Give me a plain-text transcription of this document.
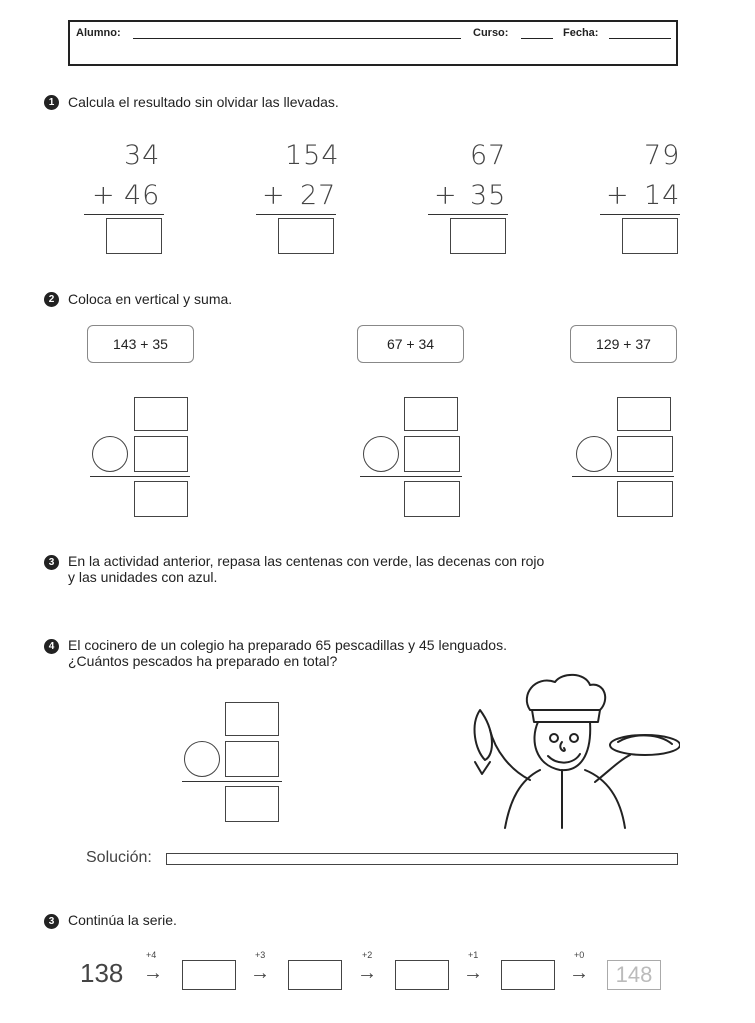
Alumno:	Curso:	Fecha:
1 Calcula el resultado sin olvidar las llevadas.
34
+ 46
154
+ 27
67
+ 35
79
+ 14
2 Coloca en vertical y suma.
143 + 35	67 + 34	129 + 37
3 En la actividad anterior, repasa las centenas con verde, las decenas con rojo
y las unidades con azul.
4 El cocinero de un colegio ha preparado 65 pescadillas y 45 lenguados.
¿Cuántos pescados ha preparado en total?
Solución:
3 Continúa la serie.
138
+4
→
+3
→
+2
→
+1
→
+0
→	148
